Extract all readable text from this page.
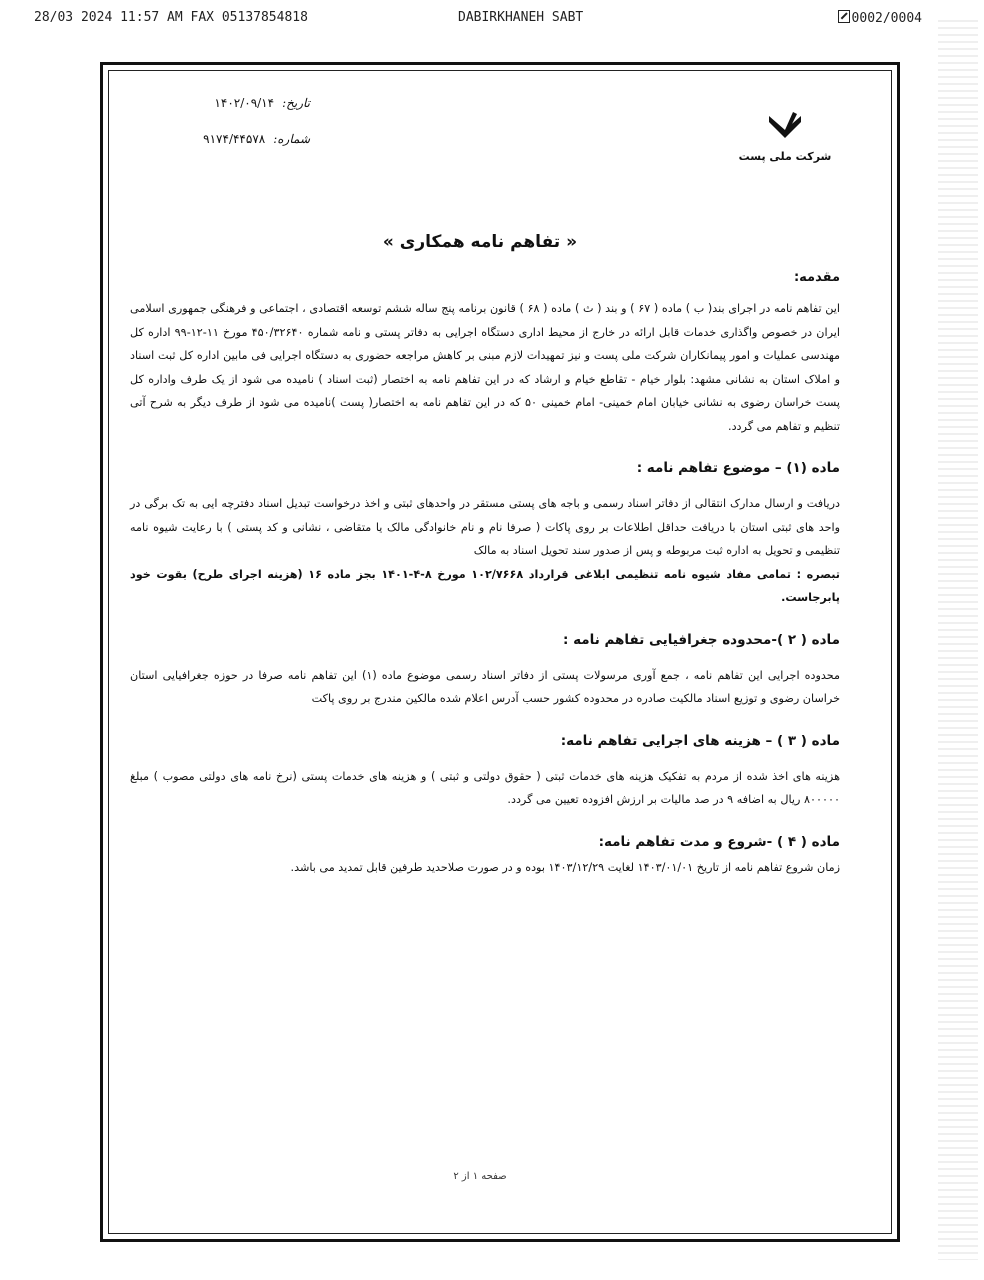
28/03 2024 11:57 AM FAX 05137854818	DABIRKHANEH SABT	0002/0004
تاریخ:
۱۴۰۲/۰۹/۱۴
شماره:
۹۱۷۴/۴۴۵۷۸
شرکت ملی پست
« تفاهم نامه همکاری »
مقدمه:

این تفاهم نامه در اجرای بند( ب ) ماده ( ۶۷ ) و بند ( ث ) ماده ( ۶۸ ) قانون برنامه پنج ساله ششم توسعه اقتصادی ، اجتماعی و فرهنگی جمهوری اسلامی ایران در خصوص واگذاری خدمات قابل ارائه در خارج از محیط اداری دستگاه اجرایی به دفاتر پستی و نامه شماره ۴۵۰/۳۲۶۴۰ مورخ ۱۱-۱۲-۹۹ اداره کل مهندسی عملیات و امور پیمانکاران شرکت ملی پست و نیز تمهیدات لازم مبنی بر کاهش مراجعه حضوری به دستگاه اجرایی فی مابین اداره کل ثبت اسناد و املاک استان به نشانی مشهد: بلوار خیام - تقاطع خیام و ارشاد که در این تفاهم نامه به اختصار (ثبت اسناد ) نامیده می شود از یک طرف واداره کل پست خراسان رضوی به نشانی خیابان امام خمینی- امام خمینی ۵۰ که در این تفاهم نامه به اختصار( پست )نامیده می شود از طرف دیگر به شرح آتی تنظیم و تفاهم می گردد.

ماده (۱) – موضوع تفاهم نامه :

دریافت و ارسال مدارک انتقالی از دفاتر اسناد رسمی و باجه های پستی مستقر در واحدهای ثبتی و اخذ درخواست تبدیل اسناد دفترچه ایی به تک برگی در واحد های ثبتی استان با دریافت حداقل اطلاعات بر روی پاکات ( صرفا نام و نام خانوادگی مالک یا متقاضی ، نشانی و کد پستی ) با رعایت شیوه نامه تنظیمی و تحویل به اداره ثبت مربوطه و پس از صدور سند تحویل اسناد به مالک

تبصره : تمامی مفاد شیوه نامه تنظیمی ابلاغی قرارداد ۱۰۲/۷۶۶۸ مورخ ۸-۴-۱۴۰۱ بجز ماده ۱۶ (هزینه اجرای طرح) بقوت خود پابرجاست.

ماده ( ۲ )-محدوده جغرافیایی تفاهم نامه :

محدوده اجرایی این تفاهم نامه ، جمع آوری مرسولات پستی از دفاتر اسناد رسمی موضوع ماده (۱) این تفاهم نامه صرفا در حوزه جغرافیایی استان خراسان رضوی و توزیع اسناد مالکیت صادره در محدوده کشور حسب آدرس اعلام شده مالکین مندرج بر روی پاکت

ماده ( ۳ ) – هزینه های اجرایی تفاهم نامه:

هزینه های اخذ شده از مردم به تفکیک هزینه های خدمات ثبتی ( حقوق دولتی و ثبتی ) و هزینه های خدمات پستی (نرخ نامه های دولتی مصوب ) مبلغ ۸۰۰۰۰۰ ریال به اضافه ۹ در صد مالیات بر ارزش افزوده تعیین می گردد.

ماده ( ۴ ) -شروع و مدت تفاهم نامه:

زمان شروع تفاهم نامه از تاریخ ۱۴۰۳/۰۱/۰۱ لغایت ۱۴۰۳/۱۲/۲۹ بوده و در صورت صلاحدید طرفین قابل تمدید می باشد.

صفحه ۱ از ۲
